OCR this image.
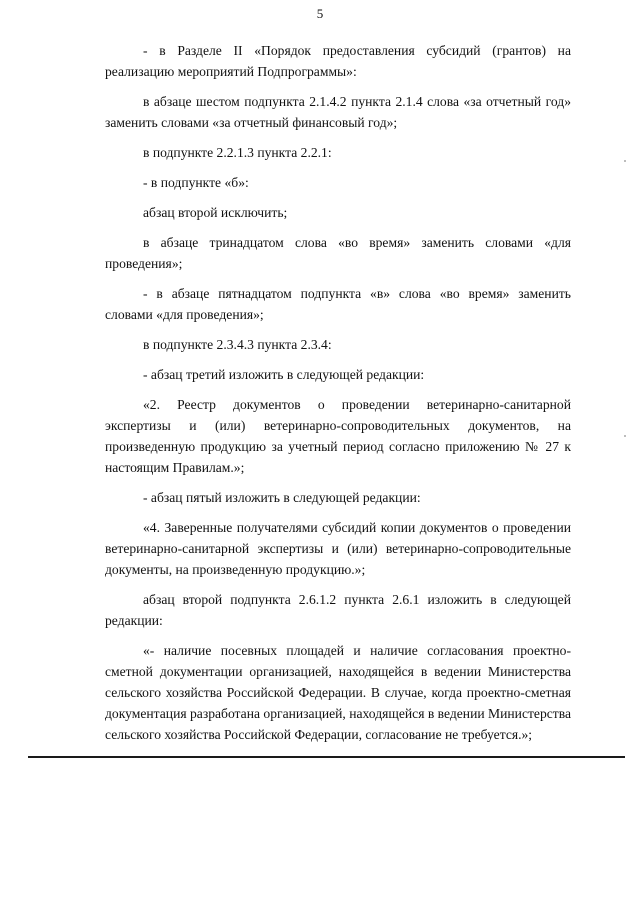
5

- в Разделе II «Порядок предоставления субсидий (грантов) на реализацию мероприятий Подпрограммы»:

в абзаце шестом подпункта 2.1.4.2 пункта 2.1.4 слова «за отчетный год» заменить словами «за отчетный финансовый год»;

в подпункте 2.2.1.3 пункта 2.2.1:

- в подпункте «б»:

абзац второй исключить;

в абзаце тринадцатом слова «во время» заменить словами «для проведения»;

- в абзаце пятнадцатом подпункта «в» слова «во время» заменить словами «для проведения»;

в подпункте 2.3.4.3 пункта 2.3.4:

- абзац третий изложить в следующей редакции:

«2. Реестр документов о проведении ветеринарно-санитарной экспертизы и (или) ветеринарно-сопроводительных документов, на произведенную продукцию за учетный период согласно приложению № 27 к настоящим Правилам.»;

- абзац пятый изложить в следующей редакции:

«4. Заверенные получателями субсидий копии документов о проведении ветеринарно-санитарной экспертизы и (или) ветеринарно-сопроводительные документы, на произведенную продукцию.»;

абзац второй подпункта 2.6.1.2 пункта 2.6.1 изложить в следующей редакции:

«- наличие посевных площадей и наличие согласования проектно-сметной документации организацией, находящейся в ведении Министерства сельского хозяйства Российской Федерации. В случае, когда проектно-сметная документация разработана организацией, находящейся в ведении Министерства сельского хозяйства Российской Федерации, согласование не требуется.»;
